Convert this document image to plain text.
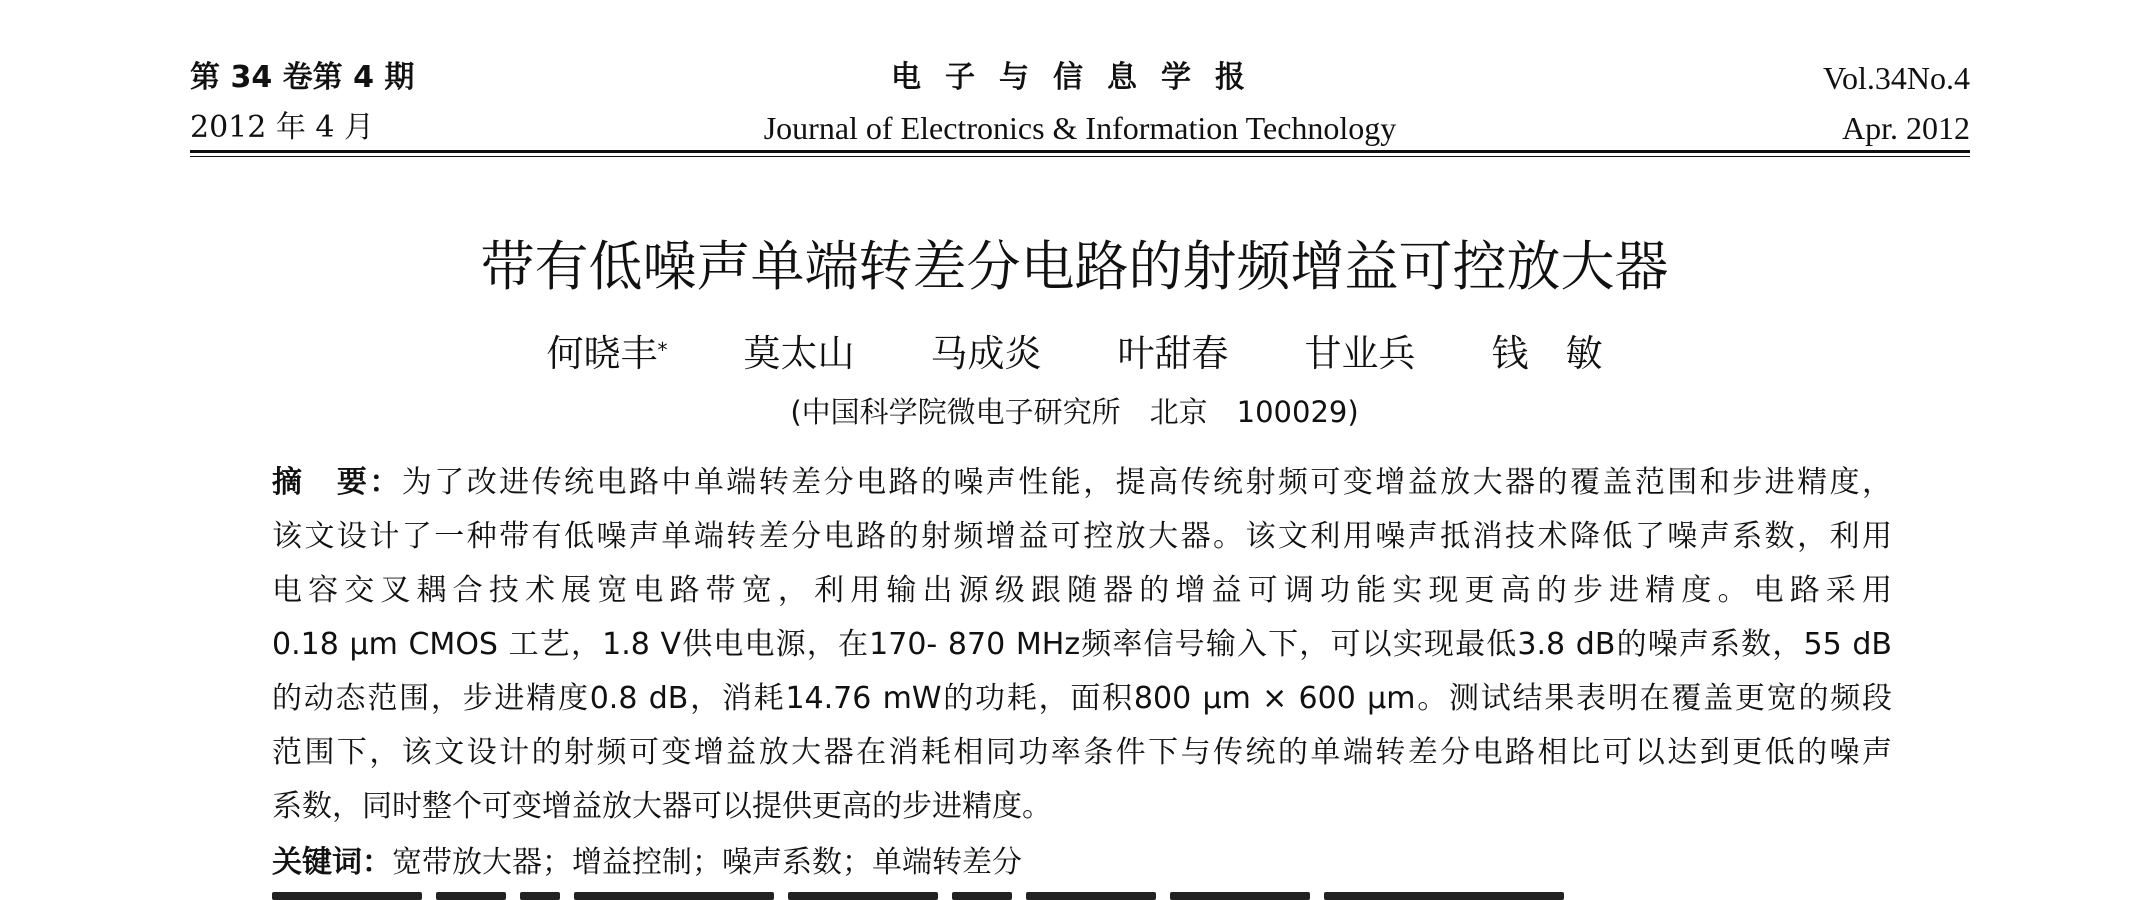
第 34 卷第 4 期	电子与信息学报	Vol.34No.4
2012 年 4 月	Journal of Electronics & Information Technology	Apr. 2012
带有低噪声单端转差分电路的射频增益可控放大器
何晓丰* 莫太山 马成炎 叶甜春 甘业兵 钱　敏
(中国科学院微电子研究所　北京　100029)
摘　要：为了改进传统电路中单端转差分电路的噪声性能，提高传统射频可变增益放大器的覆盖范围和步进精度，
该文设计了一种带有低噪声单端转差分电路的射频增益可控放大器。该文利用噪声抵消技术降低了噪声系数，利用
电容交叉耦合技术展宽电路带宽，利用输出源级跟随器的增益可调功能实现更高的步进精度。电路采用
0.18 μm CMOS 工艺，1.8 V供电电源，在170- 870 MHz频率信号输入下，可以实现最低3.8 dB的噪声系数，55 dB
的动态范围，步进精度0.8 dB，消耗14.76 mW的功耗，面积800 μm × 600 μm。测试结果表明在覆盖更宽的频段
范围下，该文设计的射频可变增益放大器在消耗相同功率条件下与传统的单端转差分电路相比可以达到更低的噪声
系数，同时整个可变增益放大器可以提供更高的步进精度。
关键词：宽带放大器；增益控制；噪声系数；单端转差分
